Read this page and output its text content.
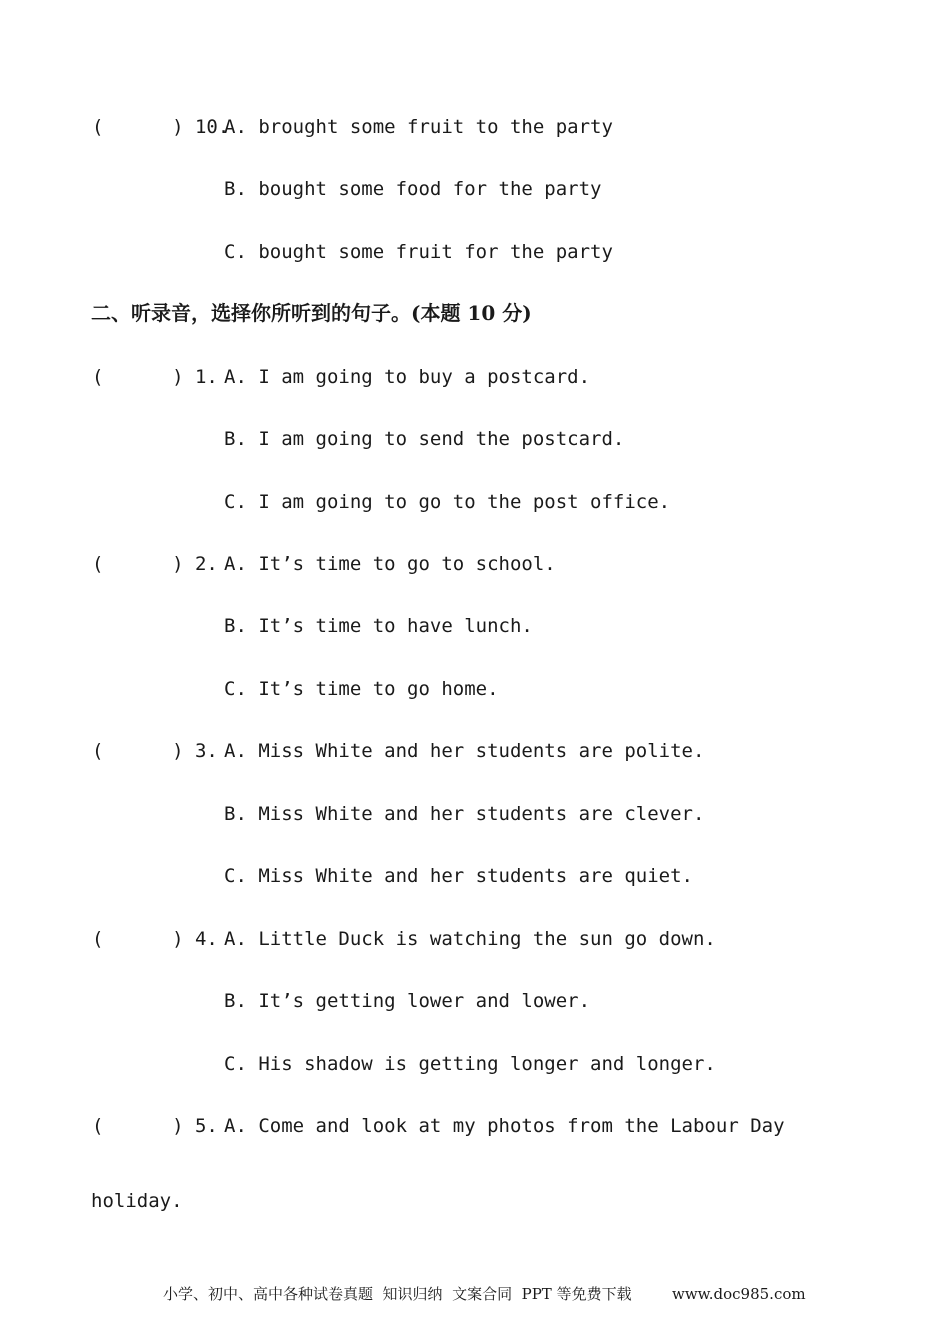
(      ) 10.
A. brought some fruit to the party
B. bought some food for the party
C. bought some fruit for the party
二、听录音，选择你所听到的句子。(本题 10 分)
(      ) 1. A. I am going to buy a postcard.
B. I am going to send the postcard.
C. I am going to go to the post office.
(      ) 2. A. It’s time to go to school.
B. It’s time to have lunch.
C. It’s time to go home.
(      ) 3. A. Miss White and her students are polite.
B. Miss White and her students are clever.
C. Miss White and her students are quiet.
(      ) 4. A. Little Duck is watching the sun go down.
B. It’s getting lower and lower.
C. His shadow is getting longer and longer.
(      ) 5. A. Come and look at my photos from the Labour Day
holiday.
小学、初中、高中各种试卷真题  知识归纳  文案合同  PPT 等免费下载	www.doc985.com
